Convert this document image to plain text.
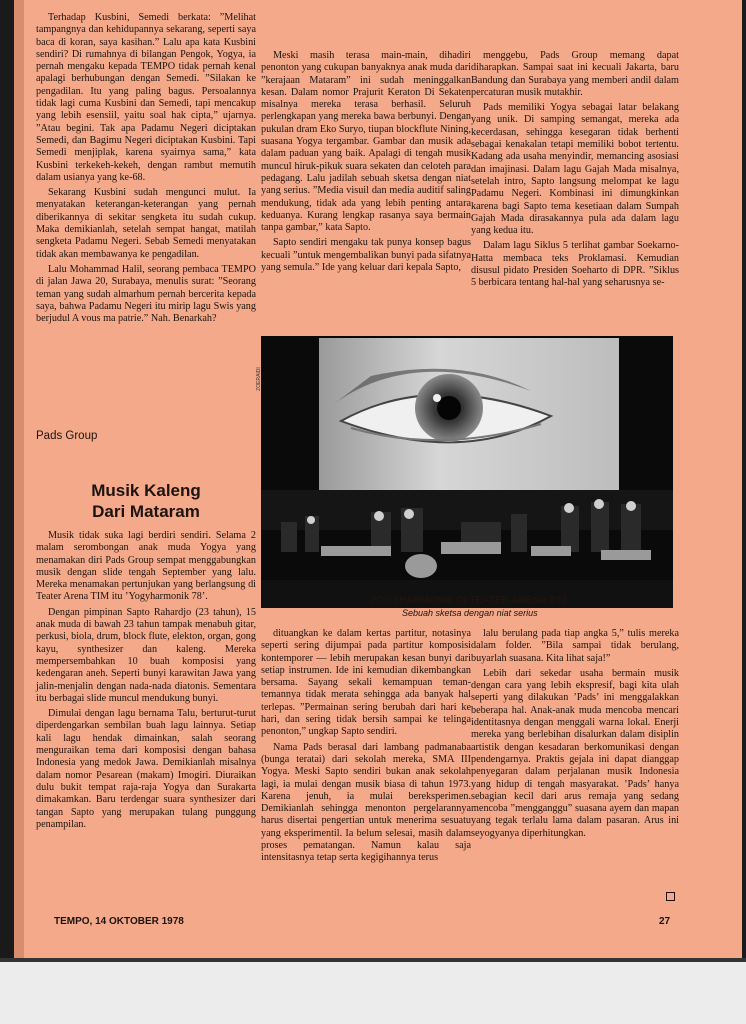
Terhadap Kusbini, Semedi berkata: ”Melihat tampangnya dan kehidupannya sekarang, seperti saya baca di koran, saya kasihan.” Lalu apa kata Kusbini sendiri? Di rumahnya di bilangan Pengok, Yogya, ia pernah mengaku kepada TEMPO tidak pernah kenal apalagi berhubungan dengan Semedi. ”Silakan ke pengadilan. Itu yang paling bagus. Persoalannya tidak lagi cuma Kusbini dan Semedi, tapi mencakup yang lebih esensiil, yaitu soal hak cipta,” ujarnya. ”Atau begini. Tak apa Padamu Negeri diciptakan Semedi, dan Bagimu Negeri diciptakan Kusbini. Tapi Semedi menjiplak, karena syairnya sama,” kata Kusbini terkekeh-kekeh, dengan rambut memutih dalam usianya yang ke-68.

Sekarang Kusbini sudah mengunci mulut. Ia menyatakan keterangan-keterangan yang pernah diberikannya di sekitar sengketa itu sudah cukup. Maka demikianlah, setelah sempat hangat, matilah sengketa Padamu Negeri. Sebab Semedi menyatakan tidak akan membawanya ke pengadilan.

Lalu Mohammad Halil, seorang pembaca TEMPO di jalan Jawa 20, Surabaya, menulis surat: ”Seorang teman yang sudah almarhum pernah bercerita kepada saya, bahwa Padamu Negeri itu mirip lagu Swis yang berjudul A vous ma patrie.” Nah. Benarkah?

Pads Group
Musik Kaleng
Dari Mataram

Musik tidak suka lagi berdiri sendiri. Selama 2 malam serombongan anak muda Yogya yang menamakan diri Pads Group sempat menggabungkan musik dengan slide tengah September yang lalu. Mereka menamakan pertunjukan yang berlangsung di Teater Arena TIM itu ’Yogyharmonik 78’.

Dengan pimpinan Sapto Rahardjo (23 tahun), 15 anak muda di bawah 23 tahun tampak menabuh gitar, perkusi, biola, drum, block flute, elekton, organ, gong kayu, synthesizer dan kaleng. Mereka mempersembahkan 10 buah komposisi yang kedengaran aneh. Seperti bunyi karawitan Jawa yang jalin-menjalin dengan nada-nada diatonis. Sementara itu berbagai slide muncul mendukung bunyi.

Dimulai dengan lagu bernama Talu, berturut-turut diperdengarkan sembilan buah lagu lainnya. Setiap kali lagu hendak dimainkan, salah seorang menguraikan tema dari komposisi dengan bahasa Indonesia yang medok Jawa. Demikianlah misalnya dalam nomor Pesarean (makam) Imogiri. Diuraikan dulu bukit tempat raja-raja Yogya dan Surakarta dimakamkan. Baru terdengar suara synthesizer dari tangan Sapto yang merupakan tulang punggung penampilan.

Meski masih terasa main-main, dihadiri penonton yang cukupan banyaknya anak muda dari ”kerajaan Mataram” ini sudah meninggalkan kesan. Dalam nomor Prajurit Keraton Di Sekaten misalnya mereka terasa berhasil. Seluruh perlengkapan yang mereka bawa berbunyi. Dengan pukulan dram Eko Suryo, tiupan blockflute Nining, suasana Yogya tergambar. Gambar dan musik ada dalam paduan yang baik. Apalagi di tengah musik muncul hiruk-pikuk suara sekaten dan celoteh para pedagang. Lalu jadilah sebuah sketsa dengan niat yang serius. ”Media visuil dan media auditif saling mendukung, tidak ada yang lebih penting antara keduanya. Kurang lengkap rasanya saya bermain tanpa gambar,” kata Sapto.

Sapto sendiri mengaku tak punya konsep bagus kecuali ”untuk mengembalikan bunyi pada sifatnya yang semula.” Ide yang keluar dari kepala Sapto,

menggebu, Pads Group memang dapat diharapkan. Sampai saat ini kecuali Jakarta, baru Bandung dan Surabaya yang memberi andil dalam percaturan musik mutakhir.

Pads memiliki Yogya sebagai latar belakang yang unik. Di samping semangat, mereka ada kecerdasan, sehingga kesegaran tidak berhenti sebagai kenakalan tetapi memiliki bobot tertentu. Kadang ada usaha menyindir, memancing asosiasi dan imajinasi. Dalam lagu Gajah Mada misalnya, setelah intro, Sapto langsung melompat ke lagu Padamu Negeri. Kombinasi ini dimungkinkan karena bagi Sapto tema kesetiaan dalam Sumpah Gajah Mada dirasakannya pula ada dalam lagu yang kedua itu.

Dalam lagu Siklus 5 terlihat gambar Soekarno-Hatta membaca teks Proklamasi. Kemudian disusul pidato Presiden Soeharto di DPR. ”Siklus 5 berbicara tentang hal-hal yang seharusnya se-

ZOERAIDI
YOGYHARMONIK DI TEATER ARENA TIM
Sebuah sketsa dengan niat serius

dituangkan ke dalam kertas partitur, notasinya seperti sering dijumpai pada partitur komposisi kontemporer — lebih merupakan kesan bunyi dari setiap instrumen. Ide ini kemudian dikembangkan bersama. Sayang sekali kemampuan teman-temannya tidak merata sehingga ada banyak hal terlepas. ”Permainan sering berubah dari hari ke hari, dan sering tidak bersih sampai ke telinga penonton,” ungkap Sapto sendiri.

Nama Pads berasal dari lambang padmanaba (bunga teratai) dari sekolah mereka, SMA III Yogya. Meski Sapto sendiri bukan anak sekolah lagi, ia mulai dengan musik biasa di tahun 1973. Karena jenuh, ia mulai bereksperimen. Demikianlah sehingga menonton pergelarannya harus disertai pengertian untuk menerima sesuatu yang eksperimentil. Ia belum selesai, masih dalam proses pematangan. Namun kalau saja intensitasnya tetap serta kegigihannya terus

lalu berulang pada tiap angka 5,” tulis mereka dalam folder. ”Bila sampai tidak berulang, buyarlah suasana. Kita lihat saja!”

Lebih dari sekedar usaha bermain musik dengan cara yang lebih ekspresif, bagi kita ulah seperti yang dilakukan ’Pads’ ini menggalakkan beberapa hal. Anak-anak muda mencoba mencari identitasnya dengan menggali warna lokal. Enerji mereka yang berlebihan disalurkan dalam disiplin artistik dengan kesadaran berkomunikasi dengan pendengarnya. Praktis gejala ini dapat dianggap penyegaran dalam perjalanan musik Indonesia yang hidup di tengah masyarakat. ’Pads’ hanya sebagian kecil dari arus remaja yang sedang mencoba ”mengganggu” suasana ayem dan mapan yang tegak terlalu lama dalam pasaran. Arus ini seyogyanya diperhitungkan.

TEMPO, 14 OKTOBER 1978	27
